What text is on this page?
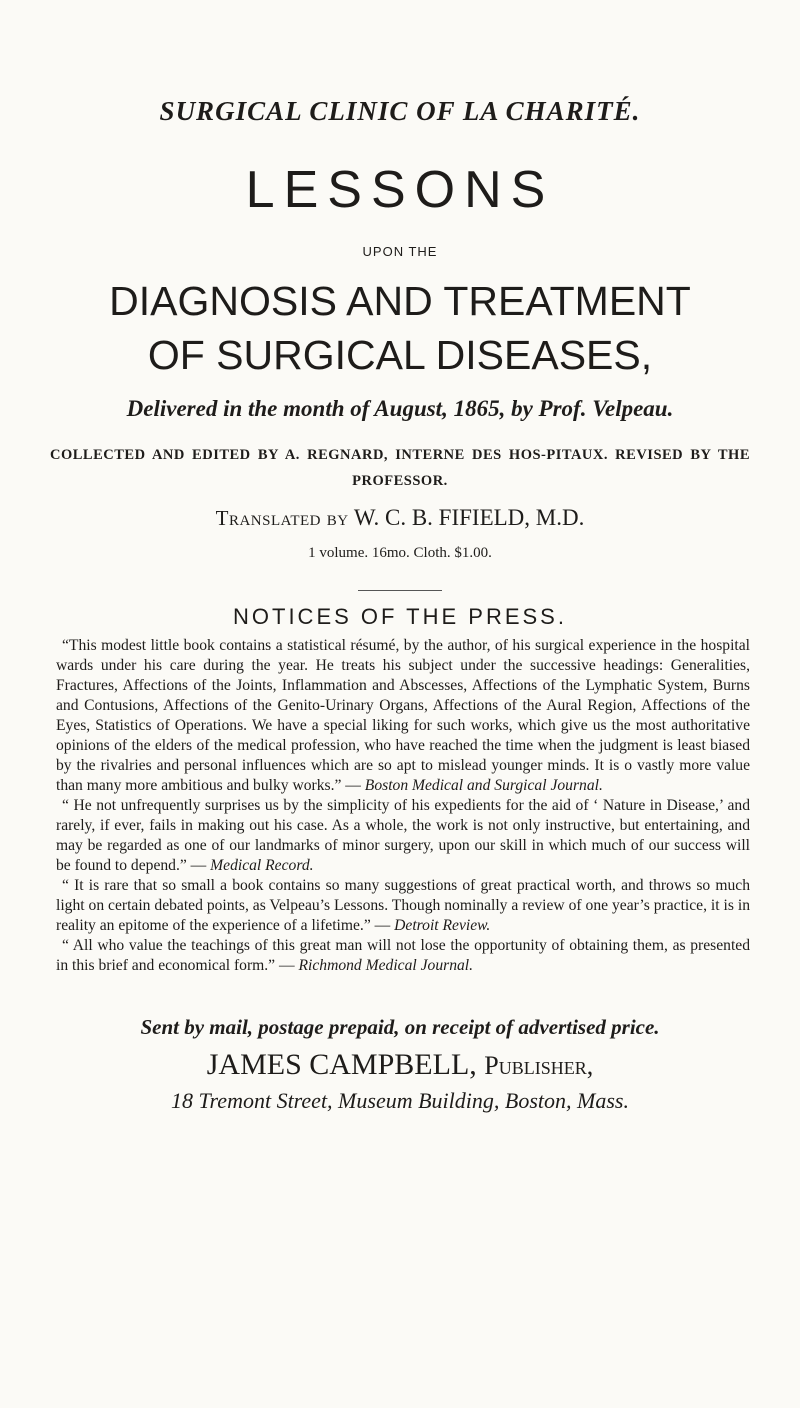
SURGICAL CLINIC OF LA CHARITÉ.
LESSONS
UPON THE
DIAGNOSIS AND TREATMENT
OF SURGICAL DISEASES,
Delivered in the month of August, 1865, by Prof. Velpeau.
COLLECTED AND EDITED BY A. REGNARD, INTERNE DES HOS-PITAUX. REVISED BY THE PROFESSOR.
Translated by W. C. B. FIFIELD, M.D.
1 volume. 16mo. Cloth. $1.00.
NOTICES OF THE PRESS.

“This modest little book contains a statistical résumé, by the author, of his surgical experience in the hospital wards under his care during the year. He treats his subject under the successive headings: Generalities, Fractures, Affections of the Joints, Inflammation and Abscesses, Affections of the Lymphatic System, Burns and Contusions, Affections of the Genito-Urinary Organs, Affections of the Aural Region, Affections of the Eyes, Statistics of Operations. We have a special liking for such works, which give us the most authoritative opinions of the elders of the medical profession, who have reached the time when the judgment is least biased by the rivalries and personal influences which are so apt to mislead younger minds. It is o vastly more value than many more ambitious and bulky works.” — Boston Medical and Surgical Journal.

“ He not unfrequently surprises us by the simplicity of his expedients for the aid of ‘ Nature in Disease,’ and rarely, if ever, fails in making out his case. As a whole, the work is not only instructive, but entertaining, and may be regarded as one of our landmarks of minor surgery, upon our skill in which much of our success will be found to depend.” — Medical Record.

“ It is rare that so small a book contains so many suggestions of great practical worth, and throws so much light on certain debated points, as Velpeau’s Lessons. Though nominally a review of one year’s practice, it is in reality an epitome of the experience of a lifetime.” — Detroit Review.

“ All who value the teachings of this great man will not lose the opportunity of obtaining them, as presented in this brief and economical form.” — Richmond Medical Journal.

Sent by mail, postage prepaid, on receipt of advertised price.
JAMES CAMPBELL, Publisher,
18 Tremont Street, Museum Building, Boston, Mass.
